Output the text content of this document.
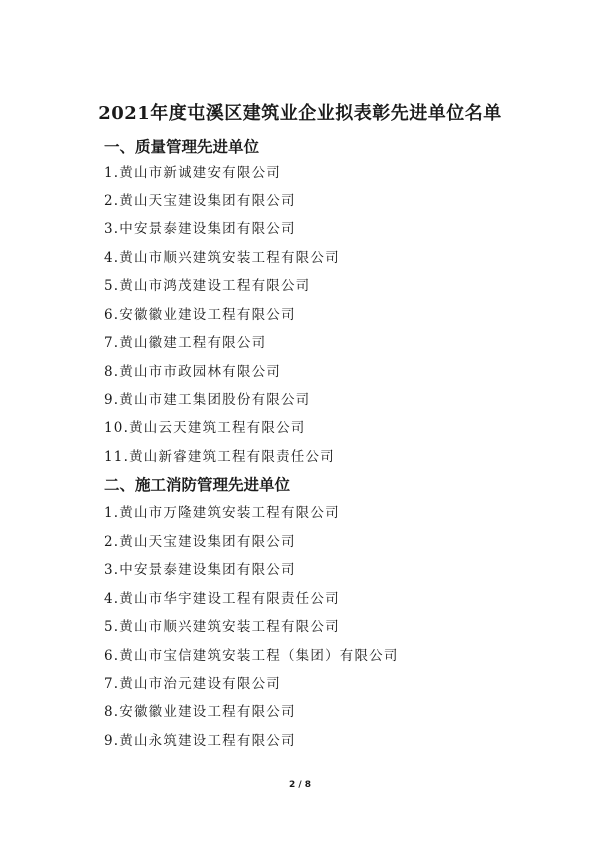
2021年度屯溪区建筑业企业拟表彰先进单位名单
一、质量管理先进单位
1.黄山市新诚建安有限公司
2.黄山天宝建设集团有限公司
3.中安景泰建设集团有限公司
4.黄山市顺兴建筑安装工程有限公司
5.黄山市鸿茂建设工程有限公司
6.安徽徽业建设工程有限公司
7.黄山徽建工程有限公司
8.黄山市市政园林有限公司
9.黄山市建工集团股份有限公司
10.黄山云天建筑工程有限公司
11.黄山新睿建筑工程有限责任公司
二、施工消防管理先进单位
1.黄山市万隆建筑安装工程有限公司
2.黄山天宝建设集团有限公司
3.中安景泰建设集团有限公司
4.黄山市华宇建设工程有限责任公司
5.黄山市顺兴建筑安装工程有限公司
6.黄山市宝信建筑安装工程（集团）有限公司
7.黄山市治元建设有限公司
8.安徽徽业建设工程有限公司
9.黄山永筑建设工程有限公司
2 / 8
